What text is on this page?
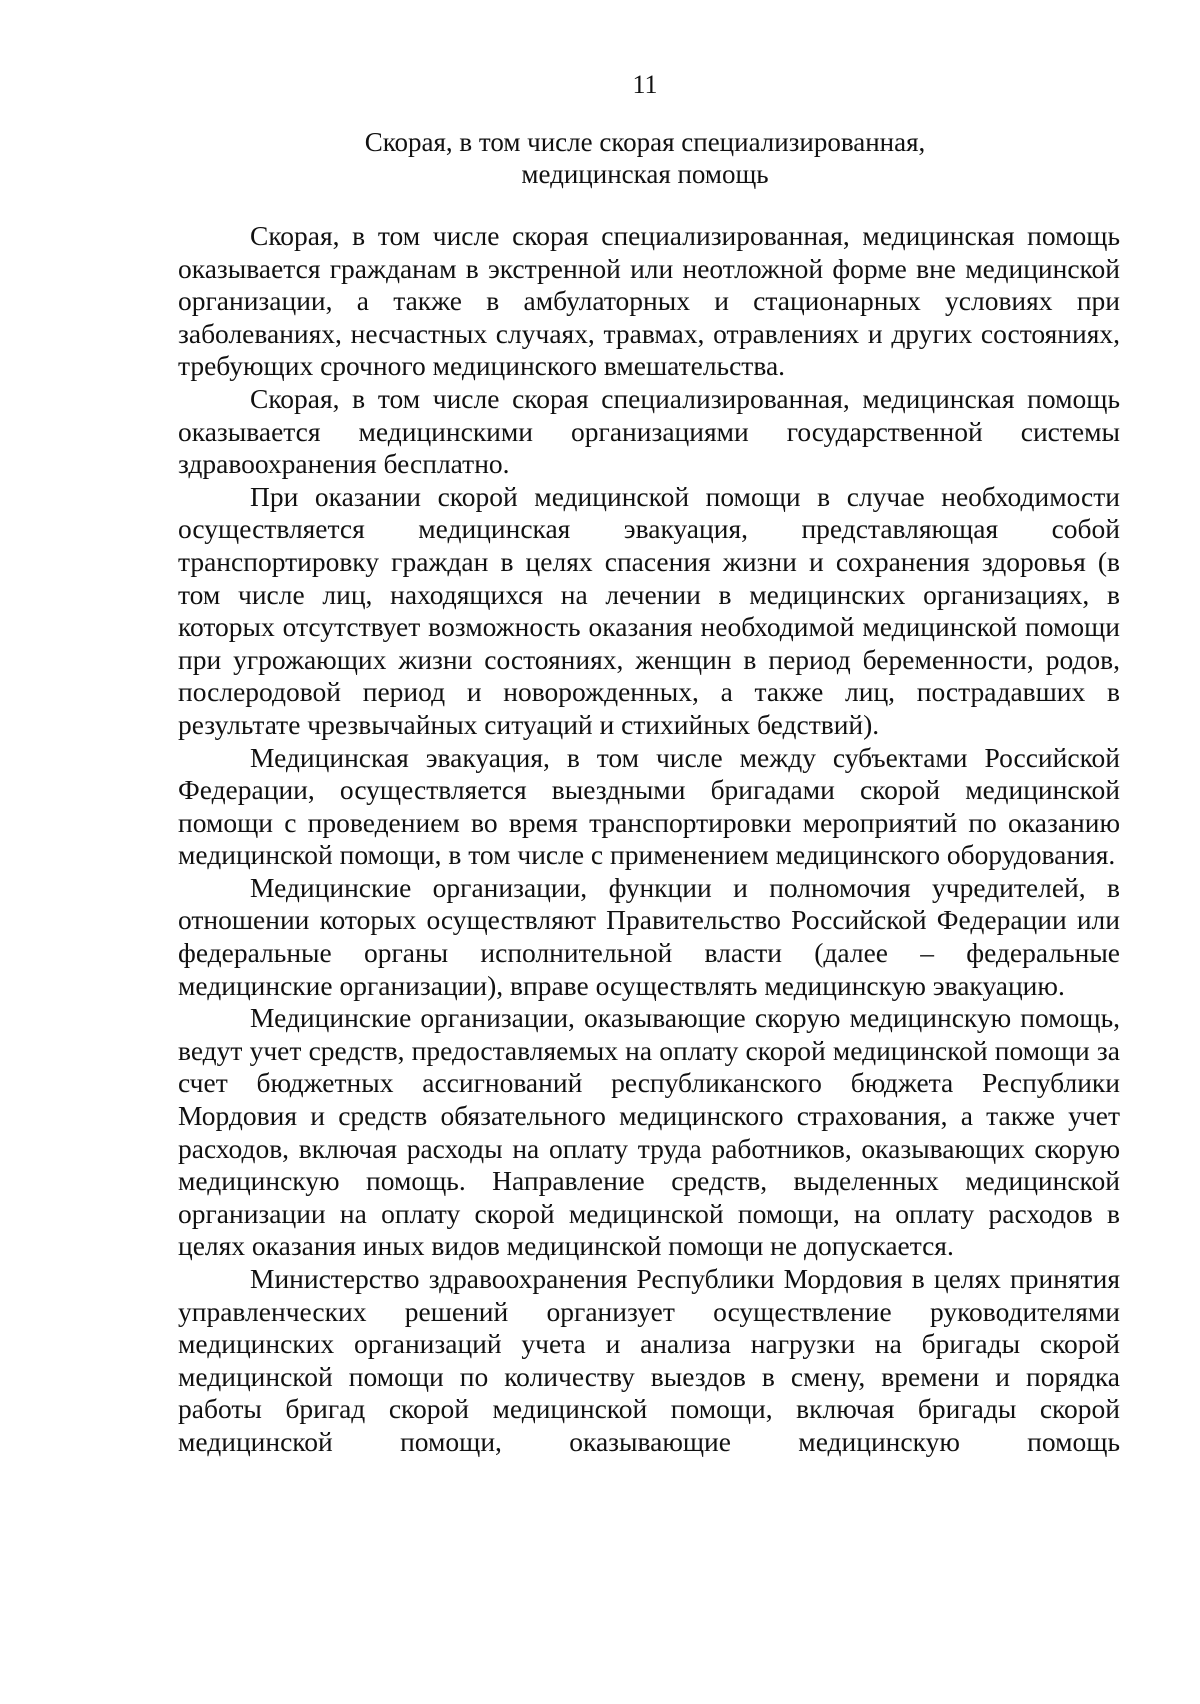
11
Скорая, в том числе скорая специализированная,
медицинская помощь

Скорая, в том числе скорая специализированная, медицинская помощь оказывается гражданам в экстренной или неотложной форме вне медицинской организации, а также в амбулаторных и стационарных условиях при заболеваниях, несчастных случаях, травмах, отравлениях и других состояниях, требующих срочного медицинского вмешательства.

Скорая, в том числе скорая специализированная, медицинская помощь оказывается медицинскими организациями государственной системы здравоохранения бесплатно.

При оказании скорой медицинской помощи в случае необходимости осуществляется медицинская эвакуация, представляющая собой транспортировку граждан в целях спасения жизни и сохранения здоровья (в том числе лиц, находящихся на лечении в медицинских организациях, в которых отсутствует возможность оказания необходимой медицинской помощи при угрожающих жизни состояниях, женщин в период беременности, родов, послеродовой период и новорожденных, а также лиц, пострадавших в результате чрезвычайных ситуаций и стихийных бедствий).

Медицинская эвакуация, в том числе между субъектами Российской Федерации, осуществляется выездными бригадами скорой медицинской помощи с проведением во время транспортировки мероприятий по оказанию медицинской помощи, в том числе с применением медицинского оборудования.

Медицинские организации, функции и полномочия учредителей, в отношении которых осуществляют Правительство Российской Федерации или федеральные органы исполнительной власти (далее – федеральные медицинские организации), вправе осуществлять медицинскую эвакуацию.

Медицинские организации, оказывающие скорую медицинскую помощь, ведут учет средств, предоставляемых на оплату скорой медицинской помощи за счет бюджетных ассигнований республиканского бюджета Республики Мордовия и средств обязательного медицинского страхования, а также учет расходов, включая расходы на оплату труда работников, оказывающих скорую медицинскую помощь. Направление средств, выделенных медицинской организации на оплату скорой медицинской помощи, на оплату расходов в целях оказания иных видов медицинской помощи не допускается.

Министерство здравоохранения Республики Мордовия в целях принятия управленческих решений организует осуществление руководителями медицинских организаций учета и анализа нагрузки на бригады скорой медицинской помощи по количеству выездов в смену, времени и порядка работы бригад скорой медицинской помощи, включая бригады скорой медицинской помощи, оказывающие медицинскую помощь
